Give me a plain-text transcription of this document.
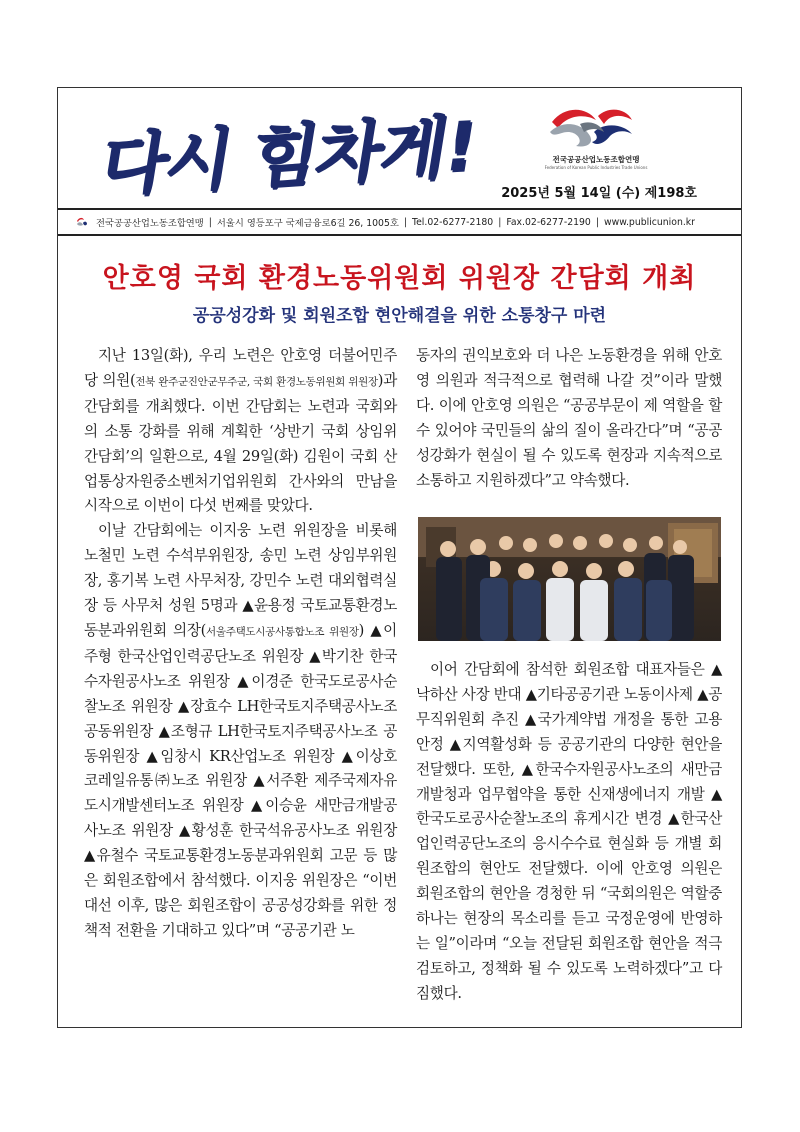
다시 힘차게!	전국공공산업노동조합연맹
Federation of Korean Public Industries Trade Unions
2025년 5월 14일 (수) 제198호
전국공공산업노동조합연맹 | 서울시 영등포구 국제금융로6길 26, 1005호 | Tel.02-6277-2180 | Fax.02-6277-2190 | www.publicunion.kr
안호영 국회 환경노동위원회 위원장 간담회 개최
공공성강화 및 회원조합 현안해결을 위한 소통창구 마련

지난 13일(화), 우리 노련은 안호영 더불어민주당 의원(전북 완주군진안군무주군, 국회 환경노동위원회 위원장)과 간담회를 개최했다. 이번 간담회는 노련과 국회와의 소통 강화를 위해 계획한 ‘상반기 국회 상임위 간담회’의 일환으로, 4월 29일(화) 김원이 국회 산업통상자원중소벤처기업위원회 간사와의 만남을 시작으로 이번이 다섯 번째를 맞았다.

이날 간담회에는 이지웅 노련 위원장을 비롯해 노철민 노련 수석부위원장, 송민 노련 상임부위원장, 홍기복 노련 사무처장, 강민수 노련 대외협력실장 등 사무처 성원 5명과 ▲윤용정 국토교통환경노동분과위원회 의장(서울주택도시공사통합노조 위원장) ▲이주형 한국산업인력공단노조 위원장 ▲박기찬 한국수자원공사노조 위원장 ▲이경준 한국도로공사순찰노조 위원장 ▲장효수 LH한국토지주택공사노조 공동위원장 ▲조형규 LH한국토지주택공사노조 공동위원장 ▲임창시 KR산업노조 위원장 ▲이상호 코레일유통㈜노조 위원장 ▲서주환 제주국제자유도시개발센터노조 위원장 ▲이승윤 새만금개발공사노조 위원장 ▲황성훈 한국석유공사노조 위원장 ▲유철수 국토교통환경노동분과위원회 고문 등 많은 회원조합에서 참석했다. 이지웅 위원장은 “이번 대선 이후, 많은 회원조합이 공공성강화를 위한 정책적 전환을 기대하고 있다”며 “공공기관 노

동자의 권익보호와 더 나은 노동환경을 위해 안호영 의원과 적극적으로 협력해 나갈 것”이라 말했다. 이에 안호영 의원은 “공공부문이 제 역할을 할 수 있어야 국민들의 삶의 질이 올라간다”며 “공공성강화가 현실이 될 수 있도록 현장과 지속적으로 소통하고 지원하겠다”고 약속했다.

이어 간담회에 참석한 회원조합 대표자들은 ▲낙하산 사장 반대 ▲기타공공기관 노동이사제 ▲공무직위원회 추진 ▲국가계약법 개정을 통한 고용안정 ▲지역활성화 등 공공기관의 다양한 현안을 전달했다. 또한, ▲한국수자원공사노조의 새만금개발청과 업무협약을 통한 신재생에너지 개발 ▲한국도로공사순찰노조의 휴게시간 변경 ▲한국산업인력공단노조의 응시수수료 현실화 등 개별 회원조합의 현안도 전달했다. 이에 안호영 의원은 회원조합의 현안을 경청한 뒤 “국회의원은 역할중 하나는 현장의 목소리를 듣고 국정운영에 반영하는 일”이라며 “오늘 전달된 회원조합 현안을 적극 검토하고, 정책화 될 수 있도록 노력하겠다”고 다짐했다.
